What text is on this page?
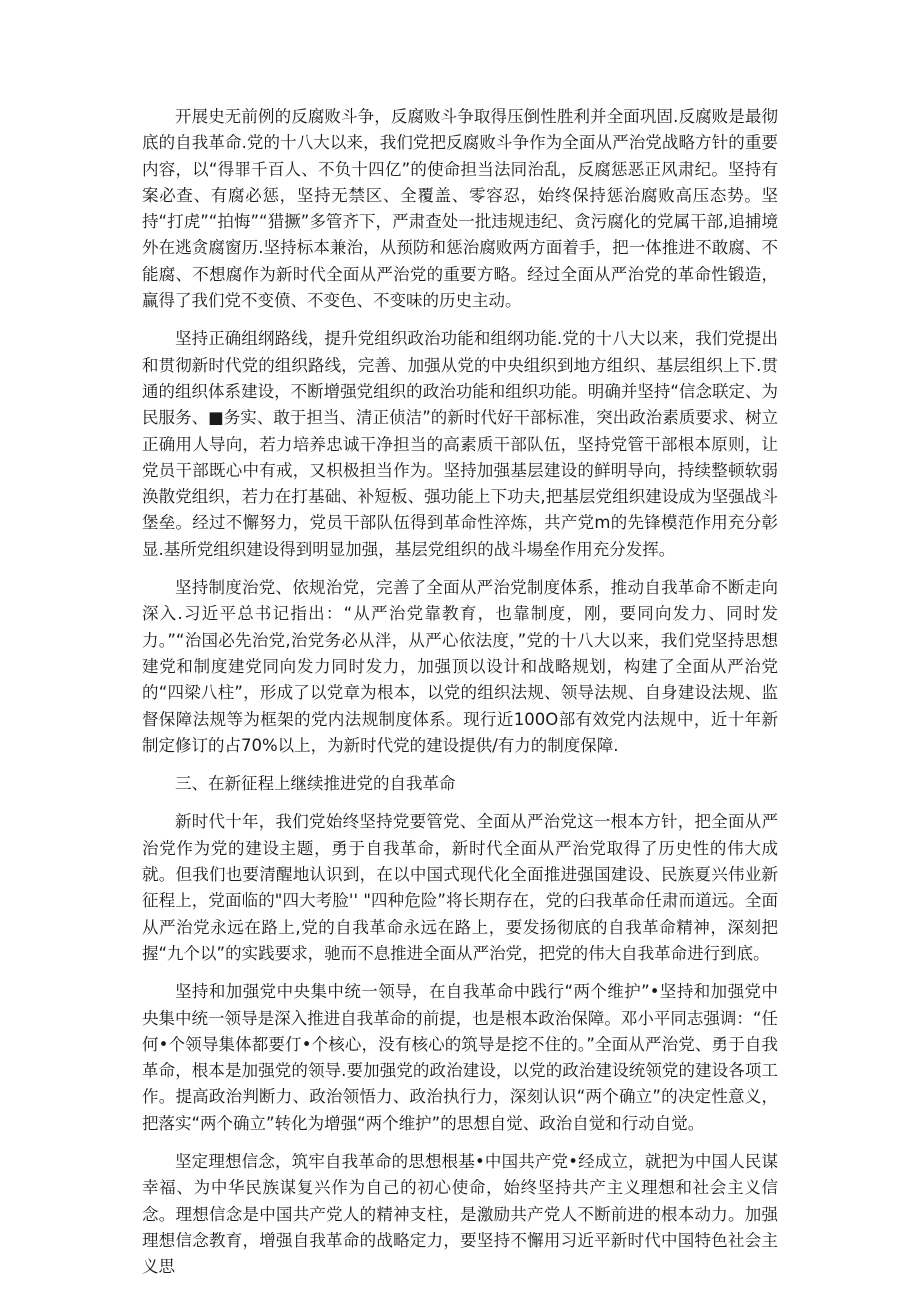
开展史无前例的反腐败斗争，反腐败斗争取得压倒性胜利并全面巩固.反腐败是最彻底的自我革命.党的十八大以来，我们党把反腐败斗争作为全面从严治党战略方针的重要内容，以“得罪千百人、不负十四亿”的使命担当法同治乱，反腐惩恶正风肃纪。坚持有案必查、有腐必惩，坚持无禁区、全覆盖、零容忍，始终保持惩治腐败高压态势。坚持“打虎”“拍悔”“猎撅”多管齐下，严肃查处一批违规违纪、贪污腐化的党属干部,追捕境外在逃贪腐窗历.坚持标本兼治，从预防和惩治腐败两方面着手，把一体推进不敢腐、不能腐、不想腐作为新时代全面从严治党的重要方略。经过全面从严治党的革命性锻造，赢得了我们党不变偾、不变色、不变味的历史主动。

坚持正确组纲路线，提升党组织政治功能和组纲功能.党的十八大以来，我们党提出和贯彻新时代党的组织路线，完善、加强从党的中央组织到地方组织、基层组织上下.贯通的组织体系建设，不断增强党组织的政治功能和组织功能。明确并坚持“信念联定、为民服务、■务实、敢于担当、清正侦洁”的新时代好干部标准，突出政治素质要求、树立正确用人导向，若力培养忠诚干净担当的高素质干部队伍，坚持党管干部根本原则，让党员干部既心中有戒，又枳极担当作为。坚持加强基层建设的鲜明导向，持续整顿软弱涣散党组织，若力在打基础、补短板、强功能上下功夫,把基层党组织建设成为坚强战斗堡垒。经过不懈努力，党员干部队伍得到革命性淬炼，共产党m的先锋模范作用充分彰显.基所党组织建设得到明显加强，基层党组织的战斗場垒作用充分发挥。

坚持制度治党、依规治党，完善了全面从严治党制度体系，推动自我革命不断走向深入.习近平总书记指出：“从严治党靠教育，也靠制度，刚，要同向发力、同时发力。”“治国必先治党,治党务必从泮，从严心依法度，”党的十八大以来，我们党坚持思想建党和制度建党同向发力同时发力，加强顶以设计和战略规划，构建了全面从严治党的“四梁八柱”，形成了以党章为根本，以党的组织法规、领导法规、自身建设法规、监督保障法规等为框架的党内法规制度体系。现行近100O部有效党内法规中，近十年新制定修订的占70%以上，为新时代党的建设提供/有力的制度保障.

三、在新征程上继续推进党的自我革命

新时代十年，我们党始终坚持党要管党、全面从严治党这一根本方针，把全面从严治党作为党的建设主题，勇于自我革命，新时代全面从严治党取得了历史性的伟大成就。但我们也要清醒地认识到，在以中国式现代化全面推进强国建设、民族夏兴伟业新征程上，党面临的"四大考脸'' "四种危险”将长期存在，党的臼我革命任肃而道远。全面从严治党永远在路上,党的自我革命永远在路上，要发扬彻底的自我革命精神，深刻把握“九个以”的实践要求，驰而不息推进全面从严治党，把党的伟大自我革命进行到底。

坚持和加强党中央集中统一领导，在自我革命中践行“两个维护”•坚持和加强党中央集中统一领导是深入推进自我革命的前提，也是根本政治保障。邓小平同志强调：“任何•个领导集体都要仃•个核心，没有核心的筑导是挖不住的。”全面从严治党、勇于自我革命，根本是加强党的领导.要加强党的政治建设，以党的政治建设统领党的建设各项工作。提高政治判断力、政治领悟力、政治执行力，深刻认识“两个确立”的决定性意义，把落实“两个确立”转化为增强“两个维护”的思想自觉、政治自觉和行动自觉。

坚定理想信念，筑牢自我革命的思想根基•中国共产党•经成立，就把为中国人民谋幸福、为中华民族谋复兴作为自己的初心使命，始终坚持共产主义理想和社会主义信念。理想信念是中国共产党人的精神支柱，是激励共产党人不断前进的根本动力。加强理想信念教育，增强自我革命的战略定力，要坚持不懈用习近平新时代中国特色社会主义思
